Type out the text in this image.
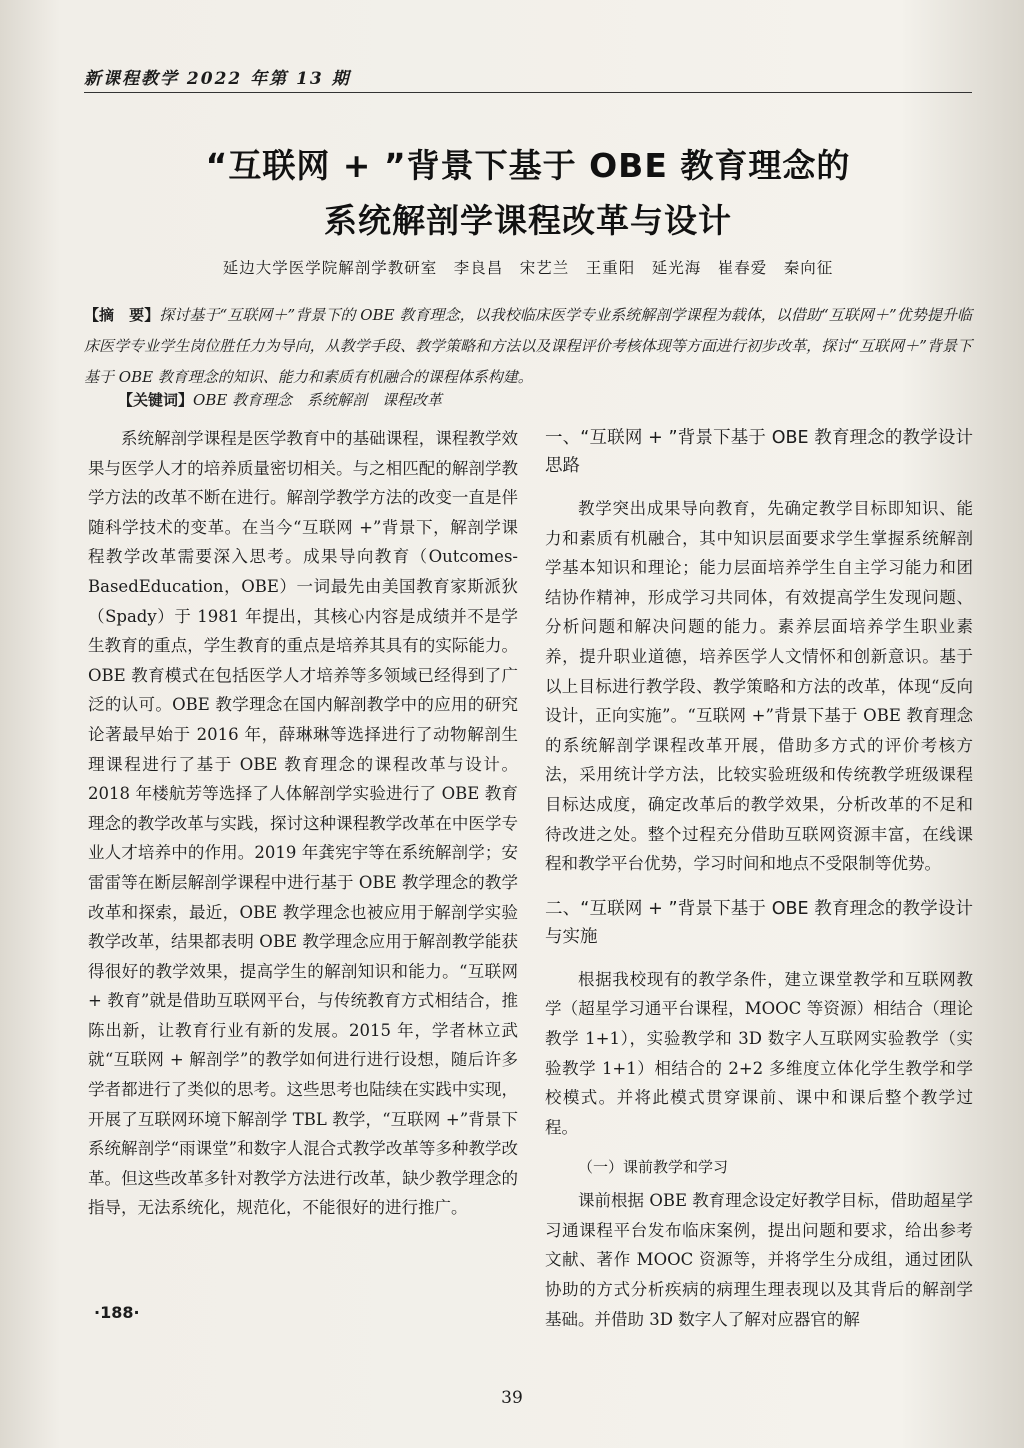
新课程教学 2022 年第 13 期
“互联网 + ”背景下基于 OBE 教育理念的
系统解剖学课程改革与设计
延边大学医学院解剖学教研室　李良昌　宋艺兰　王重阳　延光海　崔春爱　秦向征
【摘　要】探讨基于“互联网＋”背景下的 OBE 教育理念，以我校临床医学专业系统解剖学课程为载体，以借助“互联网＋”优势提升临床医学专业学生岗位胜任力为导向，从教学手段、教学策略和方法以及课程评价考核体现等方面进行初步改革，探讨“互联网＋”背景下基于 OBE 教育理念的知识、能力和素质有机融合的课程体系构建。
【关键词】OBE 教育理念　系统解剖　课程改革

系统解剖学课程是医学教育中的基础课程，课程教学效果与医学人才的培养质量密切相关。与之相匹配的解剖学教学方法的改革不断在进行。解剖学教学方法的改变一直是伴随科学技术的变革。在当今“互联网 +”背景下，解剖学课程教学改革需要深入思考。成果导向教育（Outcomes-BasedEducation，OBE）一词最先由美国教育家斯派狄（Spady）于 1981 年提出，其核心内容是成绩并不是学生教育的重点，学生教育的重点是培养其具有的实际能力。OBE 教育模式在包括医学人才培养等多领域已经得到了广泛的认可。OBE 教学理念在国内解剖教学中的应用的研究论著最早始于 2016 年，薛琳琳等选择进行了动物解剖生理课程进行了基于 OBE 教育理念的课程改革与设计。2018 年楼航芳等选择了人体解剖学实验进行了 OBE 教育理念的教学改革与实践，探讨这种课程教学改革在中医学专业人才培养中的作用。2019 年龚宪宇等在系统解剖学；安雷雷等在断层解剖学课程中进行基于 OBE 教学理念的教学改革和探索，最近，OBE 教学理念也被应用于解剖学实验教学改革，结果都表明 OBE 教学理念应用于解剖教学能获得很好的教学效果，提高学生的解剖知识和能力。“互联网 + 教育”就是借助互联网平台，与传统教育方式相结合，推陈出新，让教育行业有新的发展。2015 年，学者林立武就“互联网 + 解剖学”的教学如何进行进行设想，随后许多学者都进行了类似的思考。这些思考也陆续在实践中实现，开展了互联网环境下解剖学 TBL 教学，“互联网 +”背景下系统解剖学“雨课堂”和数字人混合式教学改革等多种教学改革。但这些改革多针对教学方法进行改革，缺少教学理念的指导，无法系统化，规范化，不能很好的进行推广。

一、“互联网 + ”背景下基于 OBE 教育理念的教学设计思路

教学突出成果导向教育，先确定教学目标即知识、能力和素质有机融合，其中知识层面要求学生掌握系统解剖学基本知识和理论；能力层面培养学生自主学习能力和团结协作精神，形成学习共同体，有效提高学生发现问题、分析问题和解决问题的能力。素养层面培养学生职业素养，提升职业道德，培养医学人文情怀和创新意识。基于以上目标进行教学段、教学策略和方法的改革，体现“反向设计，正向实施”。“互联网 +”背景下基于 OBE 教育理念的系统解剖学课程改革开展，借助多方式的评价考核方法，采用统计学方法，比较实验班级和传统教学班级课程目标达成度，确定改革后的教学效果，分析改革的不足和待改进之处。整个过程充分借助互联网资源丰富，在线课程和教学平台优势，学习时间和地点不受限制等优势。

二、“互联网 + ”背景下基于 OBE 教育理念的教学设计与实施

根据我校现有的教学条件，建立课堂教学和互联网教学（超星学习通平台课程，MOOC 等资源）相结合（理论教学 1+1），实验教学和 3D 数字人互联网实验教学（实验教学 1+1）相结合的 2+2 多维度立体化学生教学和学校模式。并将此模式贯穿课前、课中和课后整个教学过程。

（一）课前教学和学习

课前根据 OBE 教育理念设定好教学目标，借助超星学习通课程平台发布临床案例，提出问题和要求，给出参考文献、著作 MOOC 资源等，并将学生分成组，通过团队协助的方式分析疾病的病理生理表现以及其背后的解剖学基础。并借助 3D 数字人了解对应器官的解

·188·
39
